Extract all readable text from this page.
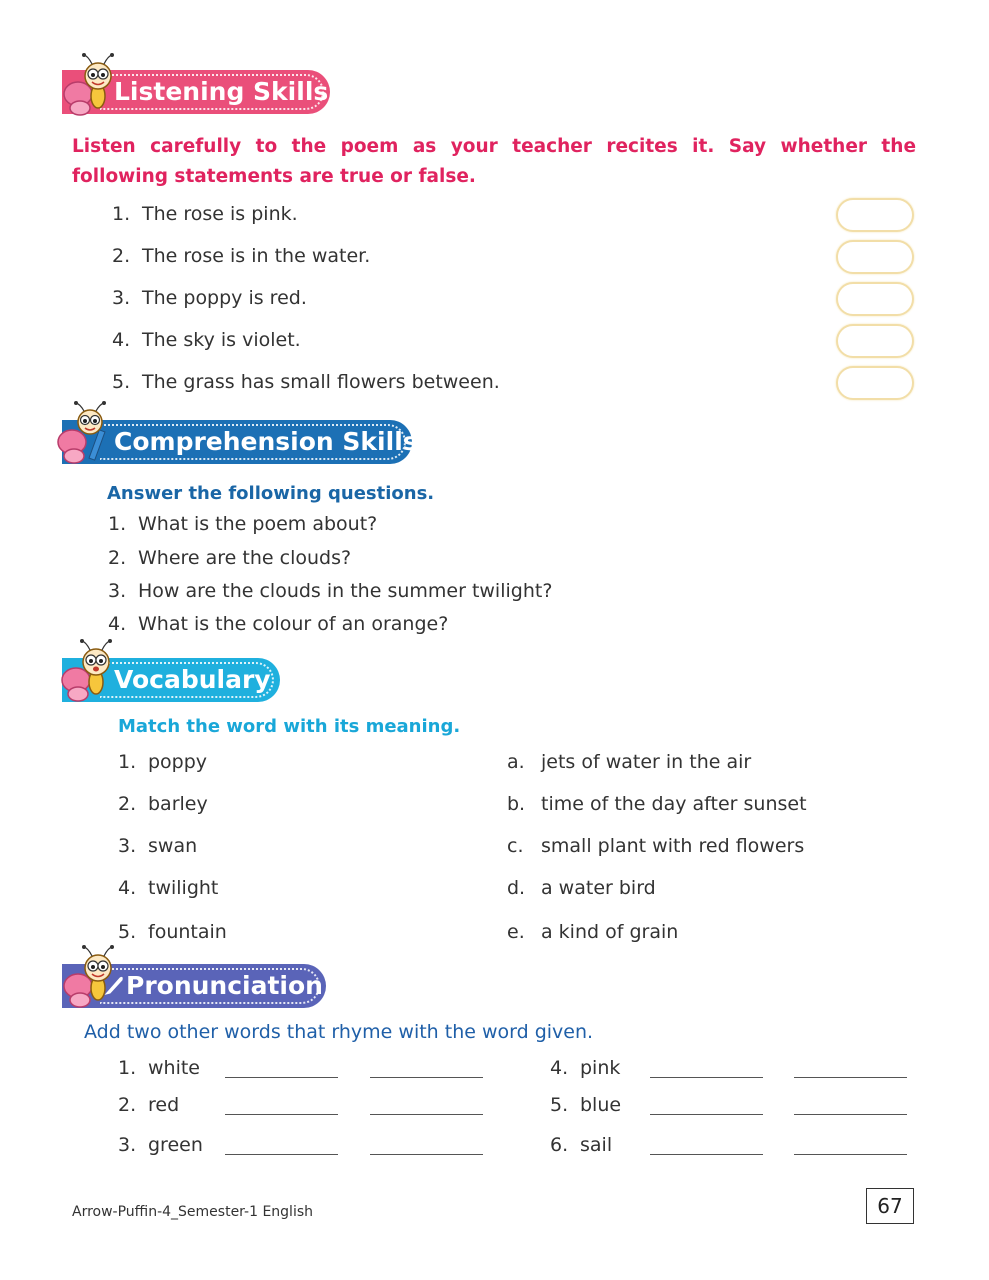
Listening Skills
Listen carefully to the poem as your teacher recites it. Say whether the following statements are true or false.
1. The rose is pink.
2. The rose is in the water.
3. The poppy is red.
4. The sky is violet.
5. The grass has small flowers between.
Comprehension Skills
Answer the following questions.
1. What is the poem about?
2. Where are the clouds?
3. How are the clouds in the summer twilight?
4. What is the colour of an orange?
Vocabulary
Match the word with its meaning.
1. poppy
2. barley
3. swan
4. twilight
5. fountain
a. jets of water in the air
b. time of the day after sunset
c. small plant with red flowers
d. a water bird
e. a kind of grain
Pronunciation
Add two other words that rhyme with the word given.
1. white
2. red
3. green
4. pink
5. blue
6. sail
Arrow-Puffin-4_Semester-1 English	67
